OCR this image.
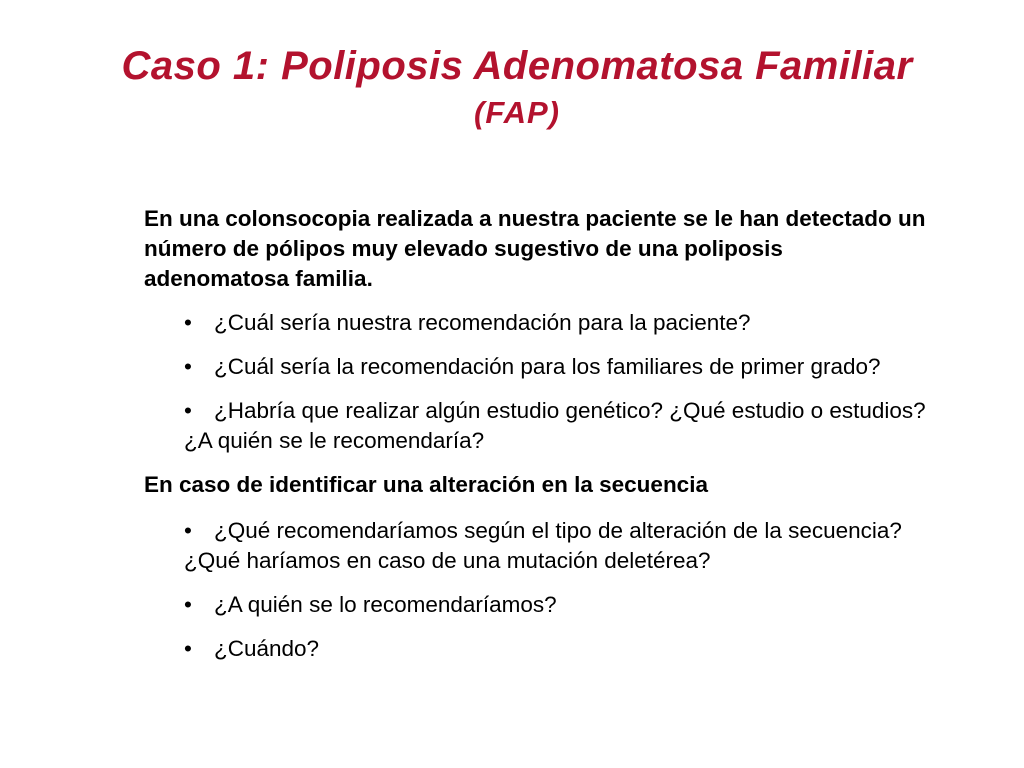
Caso 1: Poliposis Adenomatosa Familiar
(FAP)

En una colonsocopia realizada a nuestra paciente se le han detectado un número de pólipos muy elevado sugestivo de una poliposis adenomatosa familia.

• ¿Cuál sería nuestra recomendación para la paciente?
• ¿Cuál sería la recomendación para los familiares de primer grado?
• ¿Habría que realizar algún estudio genético? ¿Qué estudio o estudios? ¿A quién se le recomendaría?

En caso de identificar una alteración en la secuencia

• ¿Qué recomendaríamos según el tipo de alteración de la secuencia? ¿Qué haríamos en caso de una mutación deletérea?
• ¿A quién se lo recomendaríamos?
• ¿Cuándo?
